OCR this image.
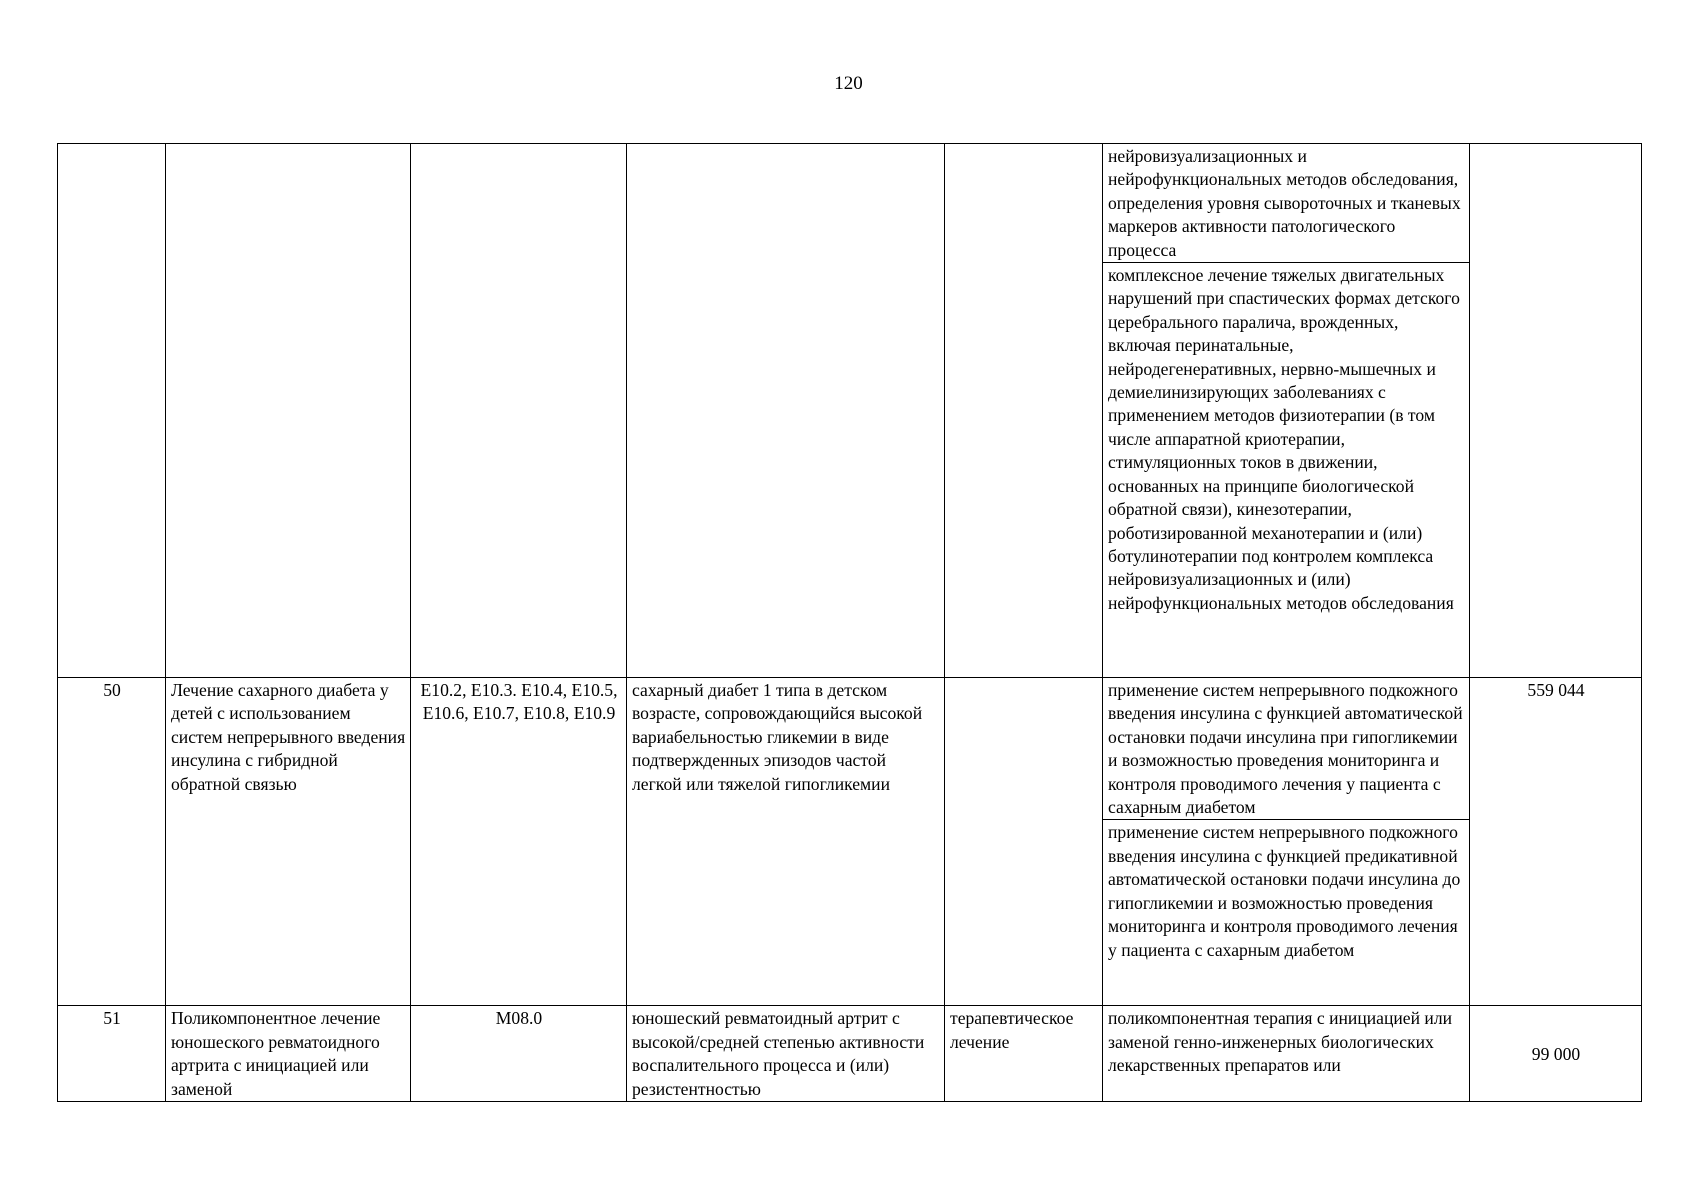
120

					нейровизуализационных и нейрофункциональных методов обследования, определения уровня сывороточных и тканевых маркеров активности патологического процесса	

					комплексное лечение тяжелых двигательных нарушений при спастических формах детского церебрального паралича, врожденных, включая перинатальные, нейродегенеративных, нервно-мышечных и демиелинизирующих заболеваниях с применением методов физиотерапии (в том числе аппаратной криотерапии, стимуляционных токов в движении, основанных на принципе биологической обратной связи), кинезотерапии, роботизированной механотерапии и (или) ботулинотерапии под контролем комплекса нейровизуализационных и (или) нейрофункциональных методов обследования	

50	Лечение сахарного диабета у детей с использованием систем непрерывного введения инсулина с гибридной обратной связью	E10.2, E10.3. E10.4, E10.5, E10.6, E10.7, E10.8, E10.9	сахарный диабет 1 типа в детском возрасте, сопровождающийся высокой вариабельностью гликемии в виде подтвержденных эпизодов частой легкой или тяжелой гипогликемии		применение систем непрерывного подкожного введения инсулина с функцией автоматической остановки подачи инсулина при гипогликемии и возможностью проведения мониторинга и контроля проводимого лечения у пациента с сахарным диабетом	559 044

					применение систем непрерывного подкожного введения инсулина с функцией предикативной автоматической остановки подачи инсулина до гипогликемии и возможностью проведения мониторинга и контроля проводимого лечения у пациента с сахарным диабетом	

51	Поликомпонентное лечение юношеского ревматоидного артрита с инициацией или заменой	M08.0	юношеский ревматоидный артрит с высокой/средней степенью активности воспалительного процесса и (или) резистентностью	терапевтическое лечение	поликомпонентная терапия с инициацией или заменой генно-инженерных биологических лекарственных препаратов или	99 000
